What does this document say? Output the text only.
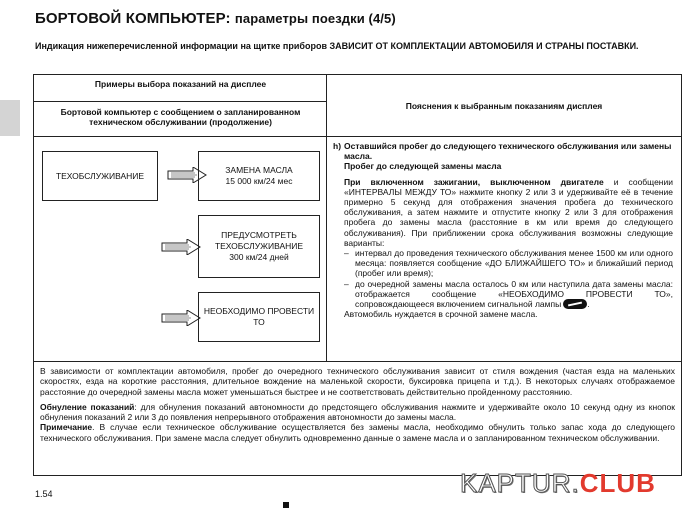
БОРТОВОЙ КОМПЬЮТЕР: параметры поездки (4/5)
Индикация нижеперечисленной информации на щитке приборов ЗАВИСИТ ОТ КОМПЛЕКТАЦИИ АВТОМОБИЛЯ И СТРАНЫ ПОСТАВКИ.
Примеры выбора показаний на дисплее
Бортовой компьютер с сообщением о запланированном техническом обслуживании (продолжение)
Пояснения к выбранным показаниям дисплея
ТЕХОБСЛУЖИВАНИЕ
ЗАМЕНА МАСЛА
15 000 км/24 мес
ПРЕДУСМОТРЕТЬ ТЕХОБСЛУЖИВАНИЕ
300 км/24 дней
НЕОБХОДИМО ПРОВЕСТИ ТО
h) Оставшийся пробег до следующего технического обслуживания или замены масла.

Пробег до следующей замены масла

При включенном зажигании, выключенном двигателе и сообщении «ИНТЕРВАЛЫ МЕЖДУ ТО» нажмите кнопку 2 или 3 и удерживайте её в течение примерно 5 секунд для отображения значения пробега до технического обслуживания, а затем нажмите и отпустите кнопку 2 или 3 для отображения пробега до замены масла (расстояние в км или время до следующего обслуживания). При приближении срока обслуживания возможны следующие варианты:

– интервал до проведения технического обслуживания менее 1500 км или одного месяца: появляется сообщение «ДО БЛИЖАЙШЕГО ТО» и ближайший период (пробег или время);
– до очередной замены масла осталось 0 км или наступила дата замены масла: отображается сообщение «НЕОБХОДИМО ПРОВЕСТИ ТО», сопровождающееся включением сигнальной лампы	.

Автомобиль нуждается в срочной замене масла.

В зависимости от комплектации автомобиля, пробег до очередного технического обслуживания зависит от стиля вождения (частая езда на маленьких скоростях, езда на короткие расстояния, длительное вождение на маленькой скорости, буксировка прицепа и т.д.). В некоторых случаях отображаемое расстояние до очередной замены масла может уменьшаться быстрее и не соответствовать действительно пройденному расстоянию.

Обнуление показаний: для обнуления показаний автономности до предстоящего обслуживания нажмите и удерживайте около 10 секунд одну из кнопок обнуления показаний 2 или 3 до появления непрерывного отображения автономности до замены масла.

Примечание. В случае если техническое обслуживание осуществляется без замены масла, необходимо обнулить только запас хода до следующего технического обслуживания. При замене масла следует обнулить одновременно данные о замене масла и о запланированном техническом обслуживании.

1.54	KAPTUR.CLUB
